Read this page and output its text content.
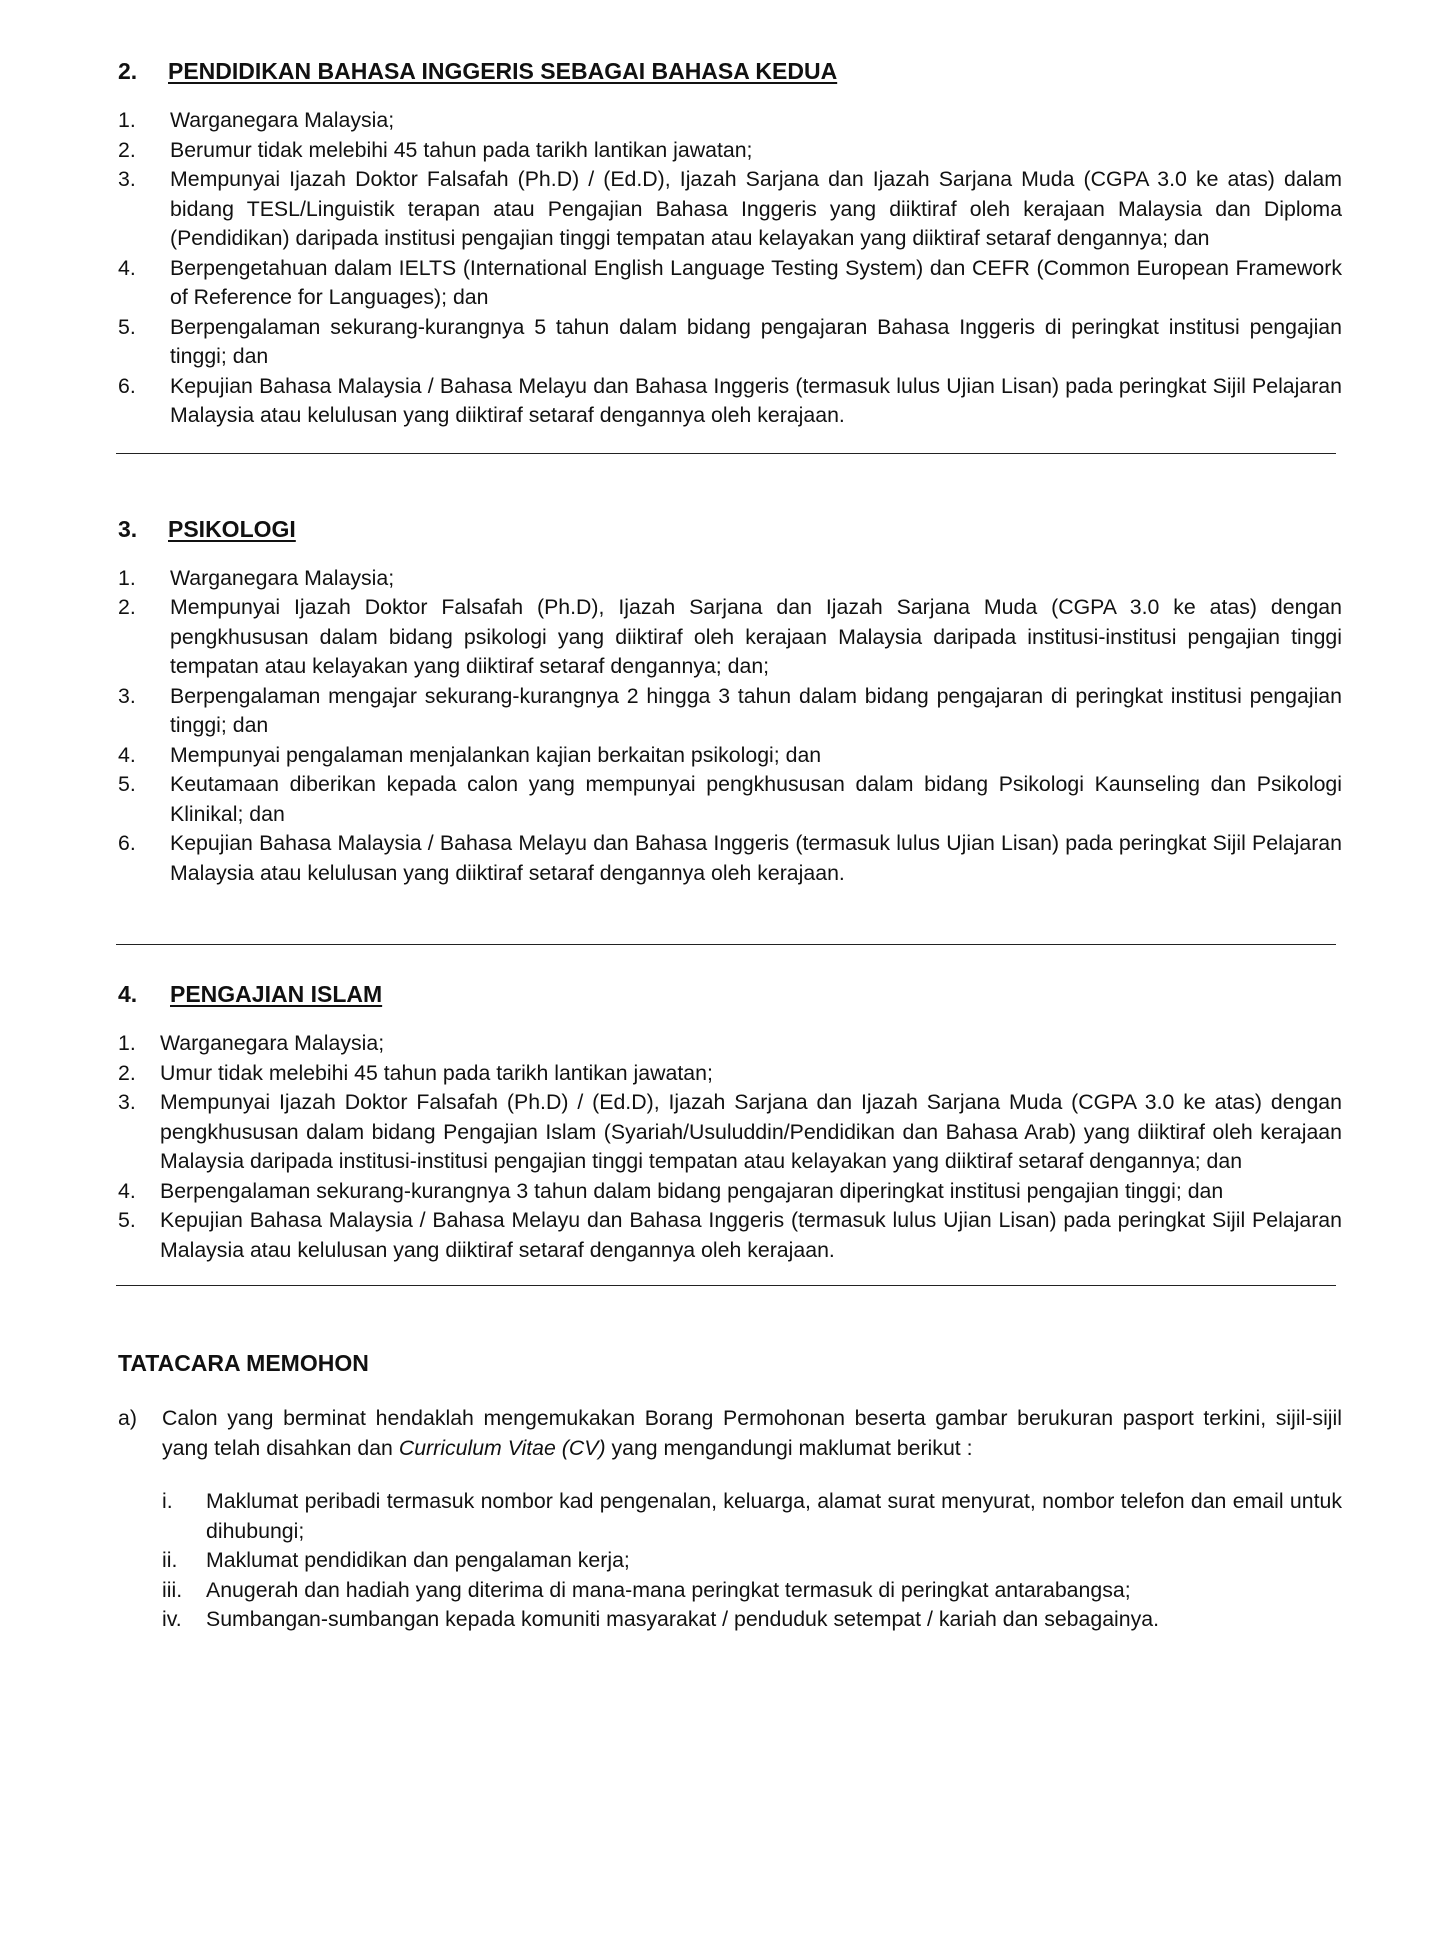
2.	PENDIDIKAN BAHASA INGGERIS SEBAGAI BAHASA KEDUA
1.	Warganegara Malaysia;
2.	Berumur tidak melebihi 45 tahun pada tarikh lantikan jawatan;
3.	Mempunyai Ijazah Doktor Falsafah (Ph.D) / (Ed.D), Ijazah Sarjana dan Ijazah Sarjana Muda (CGPA 3.0 ke atas) dalam bidang TESL/Linguistik terapan atau Pengajian Bahasa Inggeris yang diiktiraf oleh kerajaan Malaysia dan Diploma (Pendidikan) daripada institusi pengajian tinggi tempatan atau kelayakan yang diiktiraf setaraf dengannya; dan
4.	Berpengetahuan dalam IELTS (International English Language Testing System) dan CEFR (Common European Framework of Reference for Languages); dan
5.	Berpengalaman sekurang-kurangnya 5 tahun dalam bidang pengajaran Bahasa Inggeris di peringkat institusi pengajian tinggi; dan
6.	Kepujian Bahasa Malaysia / Bahasa Melayu dan Bahasa Inggeris (termasuk lulus Ujian Lisan) pada peringkat Sijil Pelajaran Malaysia atau kelulusan yang diiktiraf setaraf dengannya oleh kerajaan.
3.	PSIKOLOGI
1.	Warganegara Malaysia;
2.	Mempunyai Ijazah Doktor Falsafah (Ph.D), Ijazah Sarjana dan Ijazah Sarjana Muda (CGPA 3.0 ke atas) dengan pengkhususan dalam bidang psikologi yang diiktiraf oleh kerajaan Malaysia daripada institusi-institusi pengajian tinggi tempatan atau kelayakan yang diiktiraf setaraf dengannya; dan;
3.	Berpengalaman mengajar sekurang-kurangnya 2 hingga 3 tahun dalam bidang pengajaran di peringkat institusi pengajian tinggi; dan
4.	Mempunyai pengalaman menjalankan kajian berkaitan psikologi; dan
5.	Keutamaan diberikan kepada calon yang mempunyai pengkhususan dalam bidang Psikologi Kaunseling dan Psikologi Klinikal; dan
6.	Kepujian Bahasa Malaysia / Bahasa Melayu dan Bahasa Inggeris (termasuk lulus Ujian Lisan) pada peringkat Sijil Pelajaran Malaysia atau kelulusan yang diiktiraf setaraf dengannya oleh kerajaan.
4.	PENGAJIAN ISLAM
1.	Warganegara Malaysia;
2.	Umur tidak melebihi 45 tahun pada tarikh lantikan jawatan;
3.	Mempunyai Ijazah Doktor Falsafah (Ph.D) / (Ed.D), Ijazah Sarjana dan Ijazah Sarjana Muda (CGPA 3.0 ke atas) dengan pengkhususan dalam bidang Pengajian Islam (Syariah/Usuluddin/Pendidikan dan Bahasa Arab) yang diiktiraf oleh kerajaan Malaysia daripada institusi-institusi pengajian tinggi tempatan atau kelayakan yang diiktiraf setaraf dengannya; dan
4.	Berpengalaman sekurang-kurangnya 3 tahun dalam bidang pengajaran diperingkat institusi pengajian tinggi; dan
5.	Kepujian Bahasa Malaysia / Bahasa Melayu dan Bahasa Inggeris (termasuk lulus Ujian Lisan) pada peringkat Sijil Pelajaran Malaysia atau kelulusan yang diiktiraf setaraf dengannya oleh kerajaan.
TATACARA MEMOHON
a)	Calon yang berminat hendaklah mengemukakan Borang Permohonan beserta gambar berukuran pasport terkini, sijil-sijil yang telah disahkan dan Curriculum Vitae (CV) yang mengandungi maklumat berikut :
i.	Maklumat peribadi termasuk nombor kad pengenalan, keluarga, alamat surat menyurat, nombor telefon dan email untuk dihubungi;
ii.	Maklumat pendidikan dan pengalaman kerja;
iii.	Anugerah dan hadiah yang diterima di mana-mana peringkat termasuk di peringkat antarabangsa;
iv.	Sumbangan-sumbangan kepada komuniti masyarakat / penduduk setempat / kariah dan sebagainya.
